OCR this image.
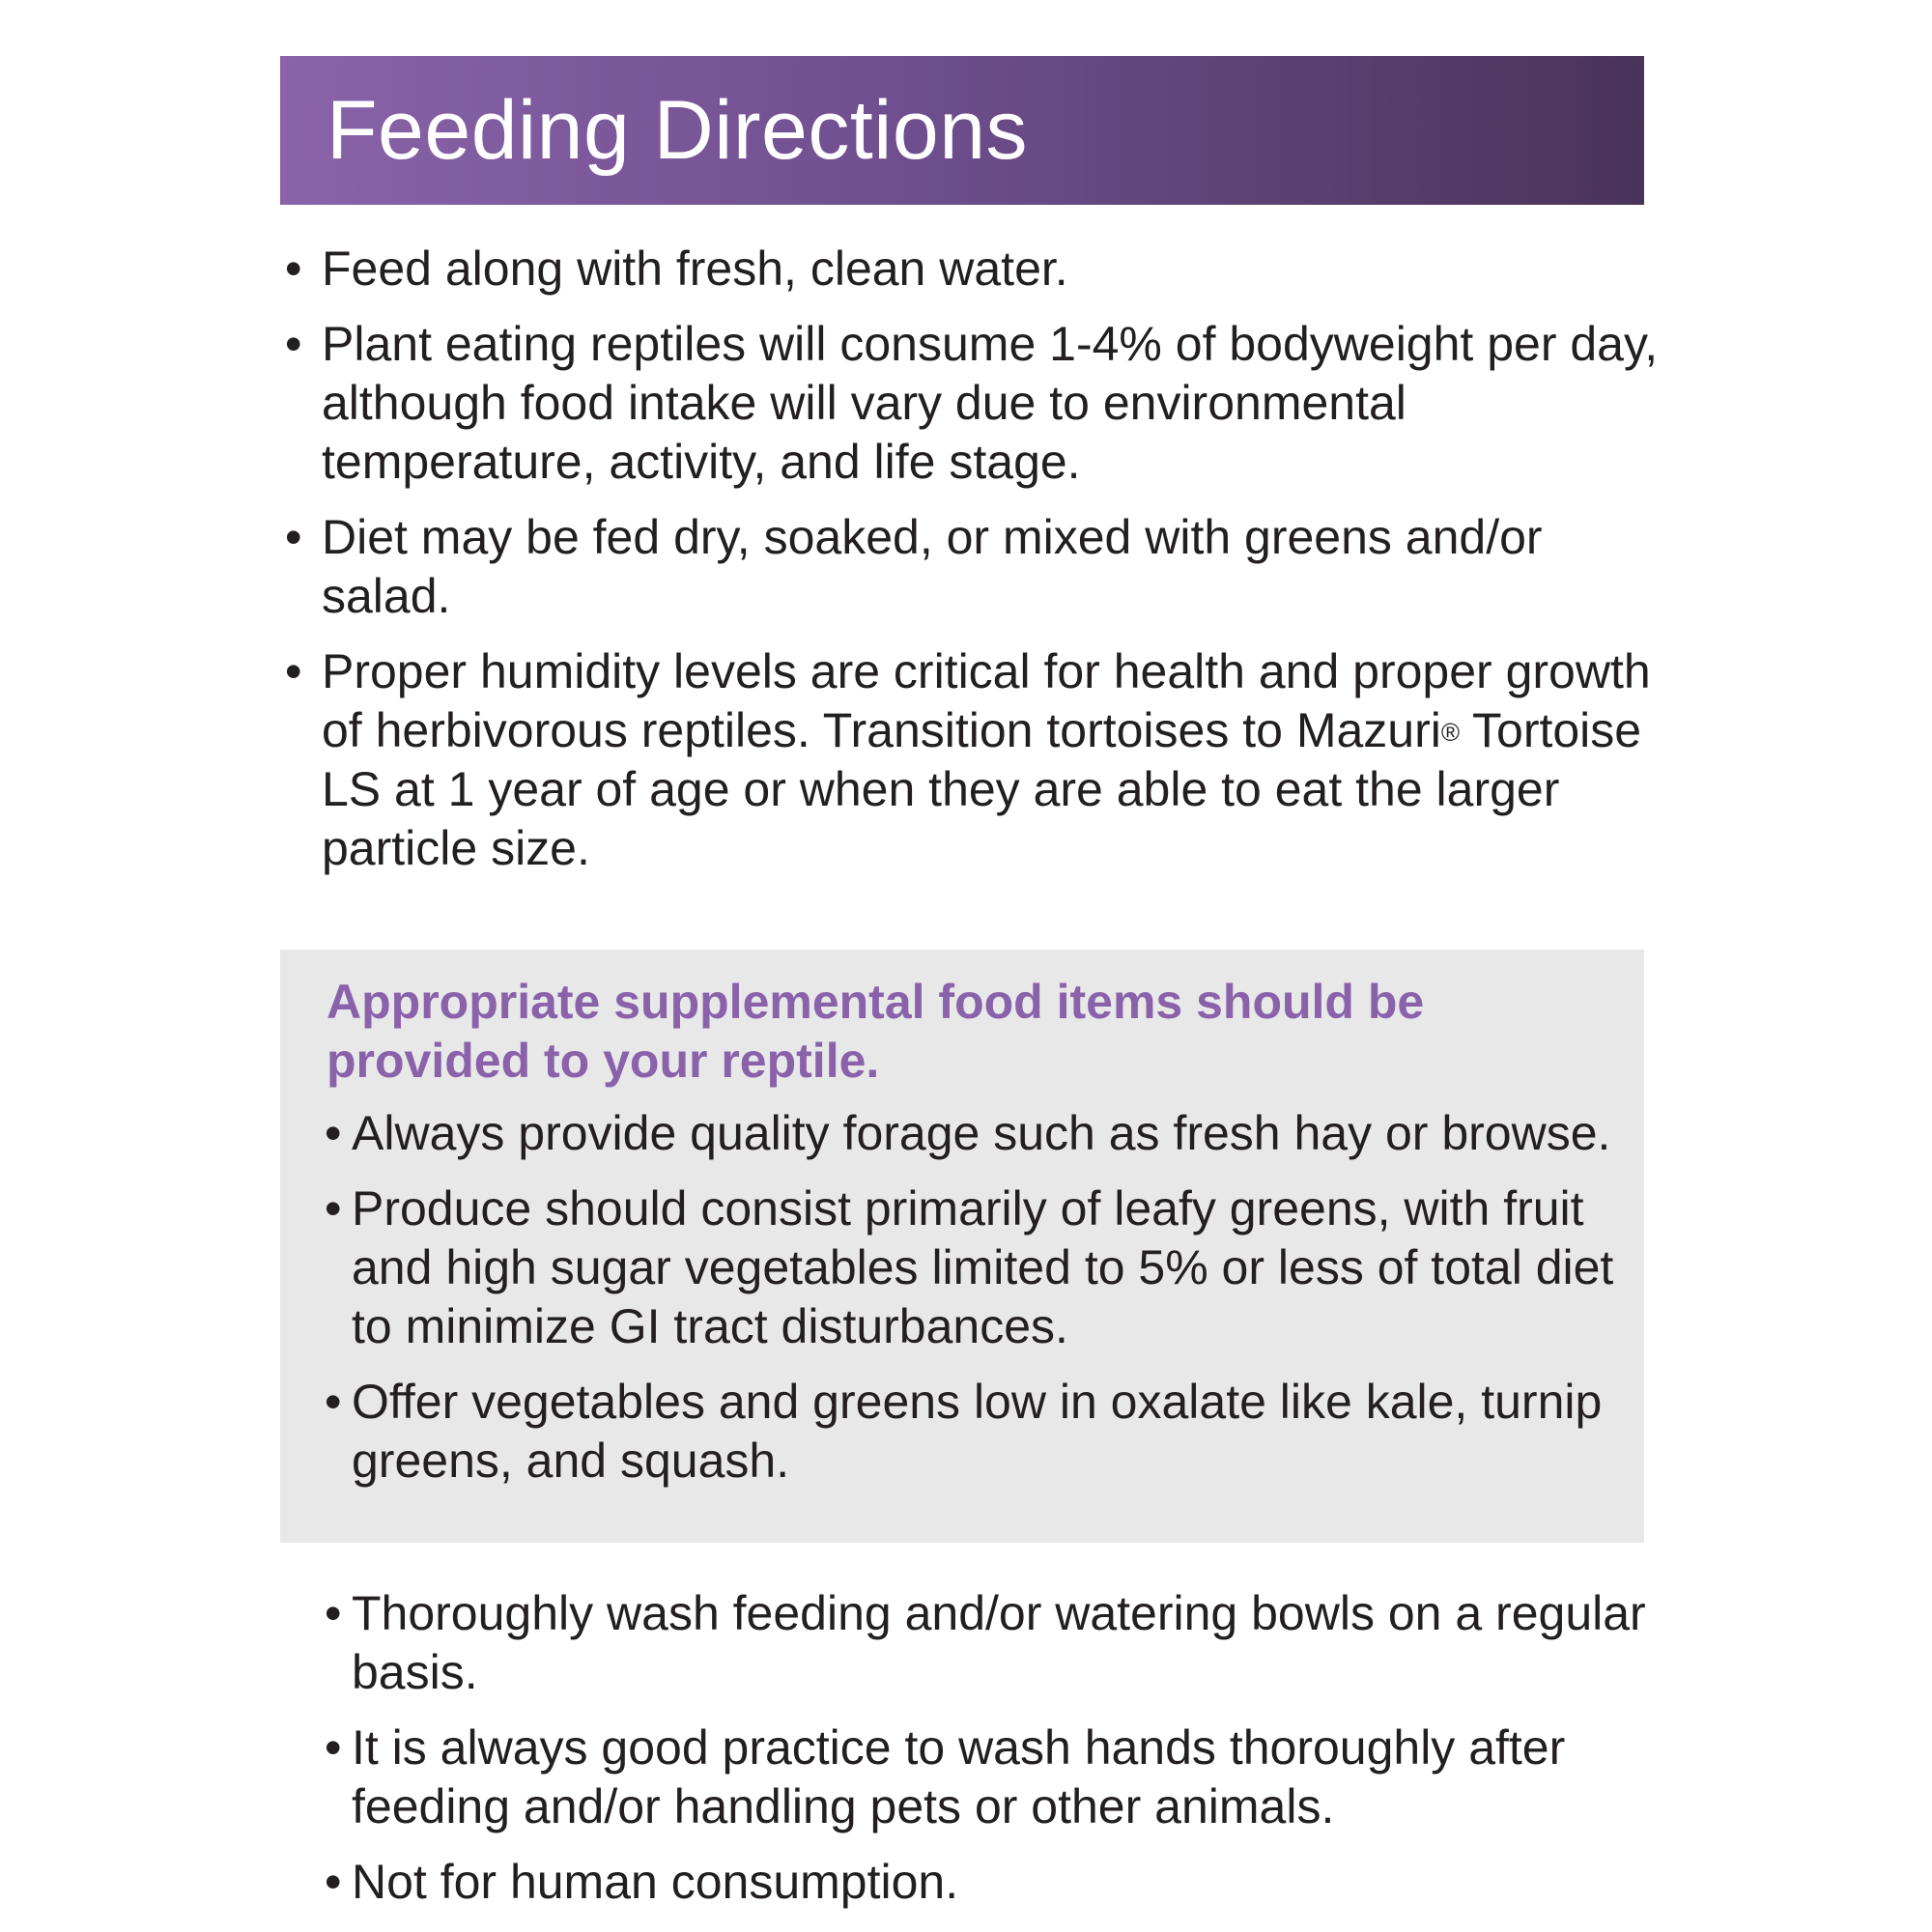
Feeding Directions
• Feed along with fresh, clean water.
• Plant eating reptiles will consume 1-4% of bodyweight per day, although food intake will vary due to environmental temperature, activity, and life stage.
• Diet may be fed dry, soaked, or mixed with greens and/or salad.
• Proper humidity levels are critical for health and proper growth of herbivorous reptiles. Transition tortoises to Mazuri® Tortoise LS at 1 year of age or when they are able to eat the larger particle size.
Appropriate supplemental food items should be provided to your reptile.
• Always provide quality forage such as fresh hay or browse.
• Produce should consist primarily of leafy greens, with fruit and high sugar vegetables limited to 5% or less of total diet to minimize GI tract disturbances.
• Offer vegetables and greens low in oxalate like kale, turnip greens, and squash.
• Thoroughly wash feeding and/or watering bowls on a regular basis.
• It is always good practice to wash hands thoroughly after feeding and/or handling pets or other animals.
• Not for human consumption.
